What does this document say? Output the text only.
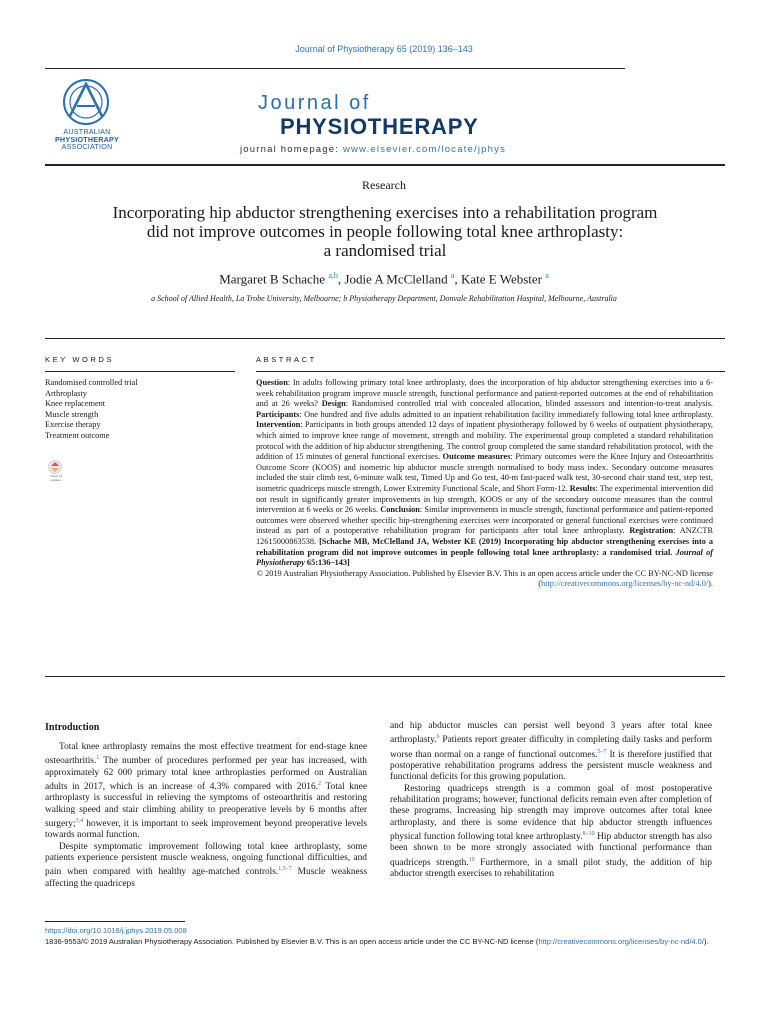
Journal of Physiotherapy 65 (2019) 136–143
AUSTRALIAN
PHYSIOTHERAPY
ASSOCIATION
Journal of
PHYSIOTHERAPY
journal homepage: www.elsevier.com/locate/jphys
Research
Incorporating hip abductor strengthening exercises into a rehabilitation program
did not improve outcomes in people following total knee arthroplasty:
a randomised trial
Margaret B Schache $^{a,b}$, Jodie A McClelland $^a$, Kate E Webster $^a$
a School of Allied Health, La Trobe University, Melbourne; b Physiotherapy Department, Donvale Rehabilitation Hospital, Melbourne, Australia
KEY WORDS	ABSTRACT
Randomised controlled trial
Arthroplasty
Knee replacement
Muscle strength
Exercise therapy
Treatment outcome
Check for updates

Question: In adults following primary total knee arthroplasty, does the incorporation of hip abductor strengthening exercises into a 6-week rehabilitation program improve muscle strength, functional performance and patient-reported outcomes at the end of rehabilitation and at 26 weeks? Design: Randomised controlled trial with concealed allocation, blinded assessors and intention-to-treat analysis. Participants: One hundred and five adults admitted to an inpatient rehabilitation facility immediately following total knee arthroplasty. Intervention: Participants in both groups attended 12 days of inpatient physiotherapy followed by 6 weeks of outpatient physiotherapy, which aimed to improve knee range of movement, strength and mobility. The experimental group completed a standard rehabilitation protocol with the addition of hip abductor strengthening. The control group completed the same standard rehabilitation protocol, with the addition of 15 minutes of general functional exercises. Outcome measures: Primary outcomes were the Knee Injury and Osteoarthritis Outcome Score (KOOS) and isometric hip abductor muscle strength normalised to body mass index. Secondary outcome measures included the stair climb test, 6-minute walk test, Timed Up and Go test, 40-m fast-paced walk test, 30-second chair stand test, step test, isometric quadriceps muscle strength, Lower Extremity Functional Scale, and Short Form-12. Results: The experimental intervention did not result in significantly greater improvements in hip strength, KOOS or any of the secondary outcome measures than the control intervention at 6 weeks or 26 weeks. Conclusion: Similar improvements in muscle strength, functional performance and patient-reported outcomes were observed whether specific hip-strengthening exercises were incorporated or general functional exercises were continued instead as part of a postoperative rehabilitation program for participants after total knee arthroplasty. Registration: ANZCTR 12615000863538. [Schache MB, McClelland JA, Webster KE (2019) Incorporating hip abductor strengthening exercises into a rehabilitation program did not improve outcomes in people following total knee arthroplasty: a randomised trial. Journal of Physiotherapy 65:136–143]

© 2019 Australian Physiotherapy Association. Published by Elsevier B.V. This is an open access article under the CC BY-NC-ND license (http://creativecommons.org/licenses/by-nc-nd/4.0/).

Introduction

Total knee arthroplasty remains the most effective treatment for end-stage knee osteoarthritis.$^1$ The number of procedures performed per year has increased, with approximately 62 000 primary total knee arthroplasties performed on Australian adults in 2017, which is an increase of 4.3% compared with 2016.$^2$ Total knee arthroplasty is successful in relieving the symptoms of osteoarthritis and restoring walking speed and stair climbing ability to preoperative levels by 6 months after surgery;$^{3,4}$ however, it is important to seek improvement beyond preoperative levels towards normal function.

Despite symptomatic improvement following total knee arthroplasty, some patients experience persistent muscle weakness, ongoing functional difficulties, and pain when compared with healthy age-matched controls.$^{1,5-7}$ Muscle weakness affecting the quadriceps

and hip abductor muscles can persist well beyond 3 years after total knee arthroplasty.$^6$ Patients report greater difficulty in completing daily tasks and perform worse than normal on a range of functional outcomes.$^{5-7}$ It is therefore justified that postoperative rehabilitation programs address the persistent muscle weakness and functional deficits for this growing population.

Restoring quadriceps strength is a common goal of most postoperative rehabilitation programs; however, functional deficits remain even after completion of these programs. Increasing hip strength may improve outcomes after total knee arthroplasty, and there is some evidence that hip abductor strength influences physical function following total knee arthroplasty.$^{8-10}$ Hip abductor strength has also been shown to be more strongly associated with functional performance than quadriceps strength.$^{10}$ Furthermore, in a small pilot study, the addition of hip abductor strength exercises to rehabilitation

https://doi.org/10.1016/j.jphys.2019.05.008
1836-9553/© 2019 Australian Physiotherapy Association. Published by Elsevier B.V. This is an open access article under the CC BY-NC-ND license (http://creativecommons.org/licenses/by-nc-nd/4.0/).
